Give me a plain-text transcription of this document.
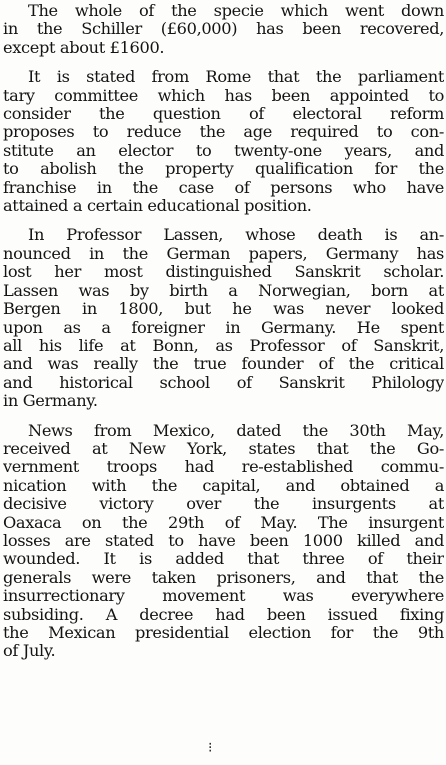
The whole of the specie which went down
in the Schiller (£60,000) has been recovered,
except about £1600.

It is stated from Rome that the parliament
tary committee which has been appointed to
consider the question of electoral reform
proposes to reduce the age required to con-
stitute an elector to twenty-one years, and
to abolish the property qualification for the
franchise in the case of persons who have
attained a certain educational position.

In Professor Lassen, whose death is an-
nounced in the German papers, Germany has
lost her most distinguished Sanskrit scholar.
Lassen was by birth a Norwegian, born at
Bergen in 1800, but he was never looked
upon as a foreigner in Germany. He spent
all his life at Bonn, as Professor of Sanskrit,
and was really the true founder of the critical
and historical school of Sanskrit Philology
in Germany.

News from Mexico, dated the 30th May,
received at New York, states that the Go-
vernment troops had re-established commu-
nication with the capital, and obtained a
decisive victory over the insurgents at
Oaxaca on the 29th of May. The insurgent
losses are stated to have been 1000 killed and
wounded. It is added that three of their
generals were taken prisoners, and that the
insurrectionary movement was everywhere
subsiding. A decree had been issued fixing
the Mexican presidential election for the 9th
of July.

⁝
